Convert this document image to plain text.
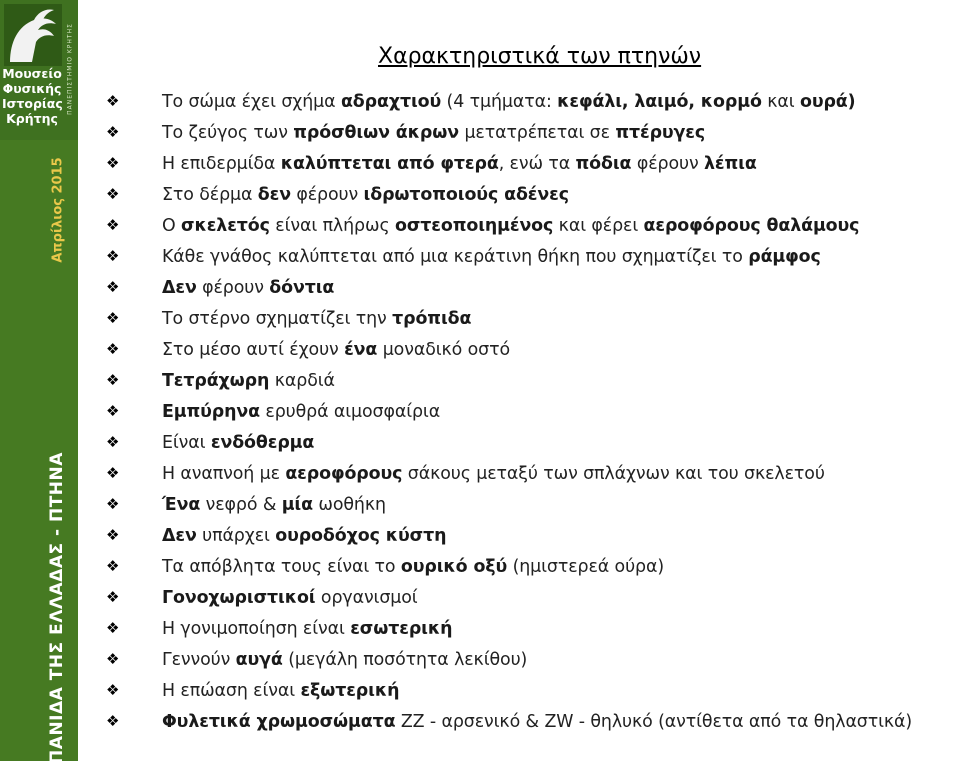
Μουσείο
Φυσικής
Ιστορίας
Κρήτης
ΠΑΝΕΠΙΣΤΗΜΙΟ ΚΡΗΤΗΣ
Απρίλιος 2015
ΠΑΝΙΔΑ ΤΗΣ ΕΛΛΑΔΑΣ - ΠΤΗΝΑ
Χαρακτηριστικά των πτηνών
❖	Το σώμα έχει σχήμα αδραχτιού (4 τμήματα: κεφάλι, λαιμό, κορμό και ουρά)
❖	Το ζεύγος των πρόσθιων άκρων μετατρέπεται σε πτέρυγες
❖	Η επιδερμίδα καλύπτεται από φτερά, ενώ τα πόδια φέρουν λέπια
❖	Στο δέρμα δεν φέρουν ιδρωτοποιούς αδένες
❖	Ο σκελετός είναι πλήρως οστεοποιημένος και φέρει αεροφόρους θαλάμους
❖	Κάθε γνάθος καλύπτεται από μια κεράτινη θήκη που σχηματίζει το ράμφος
❖	Δεν φέρουν δόντια
❖	Το στέρνο σχηματίζει την τρόπιδα
❖	Στο μέσο αυτί έχουν ένα μοναδικό οστό
❖	Τετράχωρη καρδιά
❖	Εμπύρηνα ερυθρά αιμοσφαίρια
❖	Είναι ενδόθερμα
❖	Η αναπνοή με αεροφόρους σάκους μεταξύ των σπλάχνων και του σκελετού
❖	Ένα νεφρό & μία ωοθήκη
❖	Δεν υπάρχει ουροδόχος κύστη
❖	Τα απόβλητα τους είναι το ουρικό οξύ (ημιστερεά ούρα)
❖	Γονοχωριστικοί οργανισμοί
❖	Η γονιμοποίηση είναι εσωτερική
❖	Γεννούν αυγά (μεγάλη ποσότητα λεκίθου)
❖	Η επώαση είναι εξωτερική
❖	Φυλετικά χρωμοσώματα ZZ - αρσενικό & ZW - θηλυκό (αντίθετα από τα θηλαστικά)
